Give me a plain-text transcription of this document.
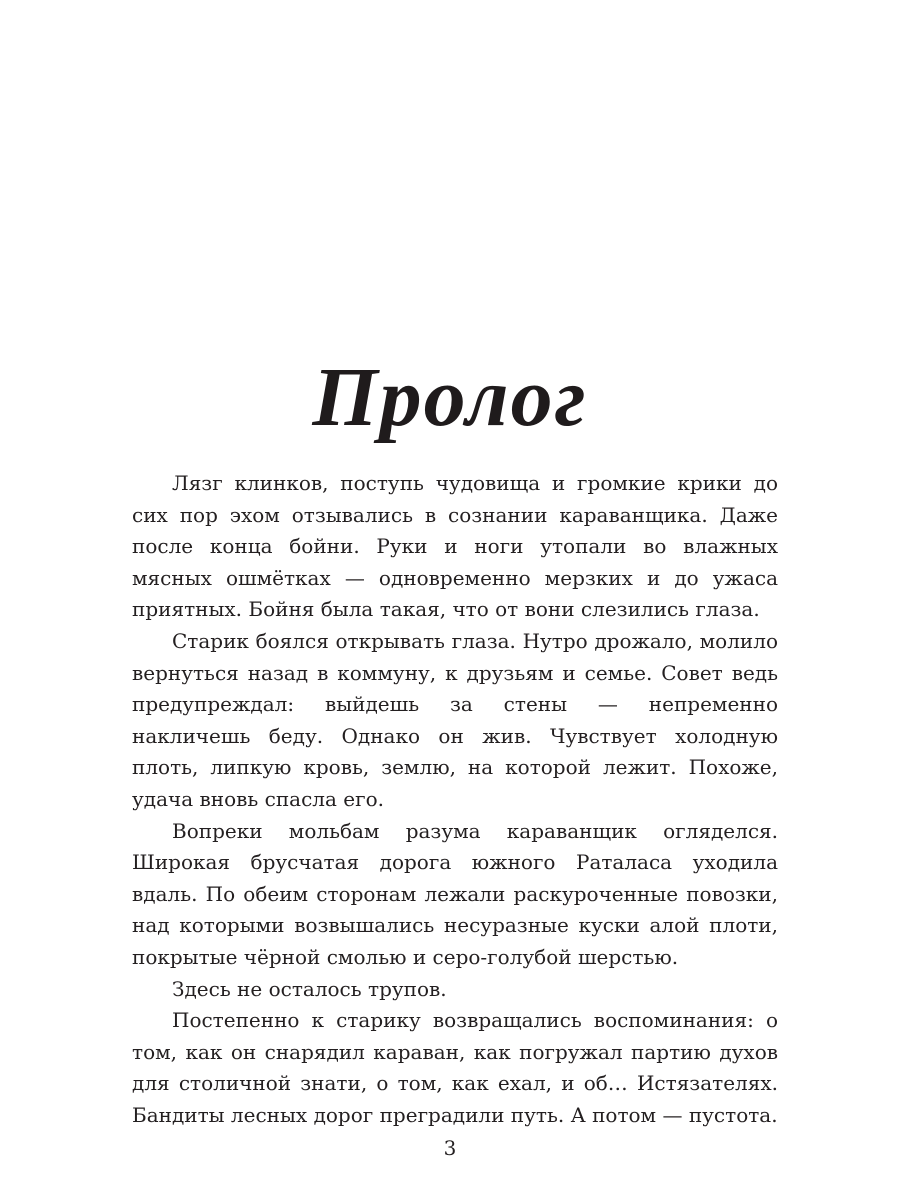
Пролог

Лязг клинков, поступь чудовища и громкие крики до сих пор эхом отзывались в сознании караванщика. Даже после конца бойни. Руки и ноги утопали во влажных мясных ошмётках — одновременно мерзких и до ужаса приятных. Бойня была такая, что от вони слезились глаза.

Старик боялся открывать глаза. Нутро дрожало, молило вернуться назад в коммуну, к друзьям и семье. Совет ведь предупреждал: выйдешь за стены — непременно накличешь беду. Однако он жив. Чувствует холодную плоть, липкую кровь, землю, на которой лежит. Похоже, удача вновь спасла его.

Вопреки мольбам разума караванщик огляделся. Широкая брусчатая дорога южного Раталаса уходила вдаль. По обеим сторонам лежали раскуроченные повозки, над которыми возвышались несуразные куски алой плоти, покрытые чёрной смолью и серо-голубой шерстью.

Здесь не осталось трупов.

Постепенно к старику возвращались воспоминания: о том, как он снарядил караван, как погружал партию духов для столичной знати, о том, как ехал, и об… Истязателях. Бандиты лесных дорог преградили путь. А потом — пустота.

3
